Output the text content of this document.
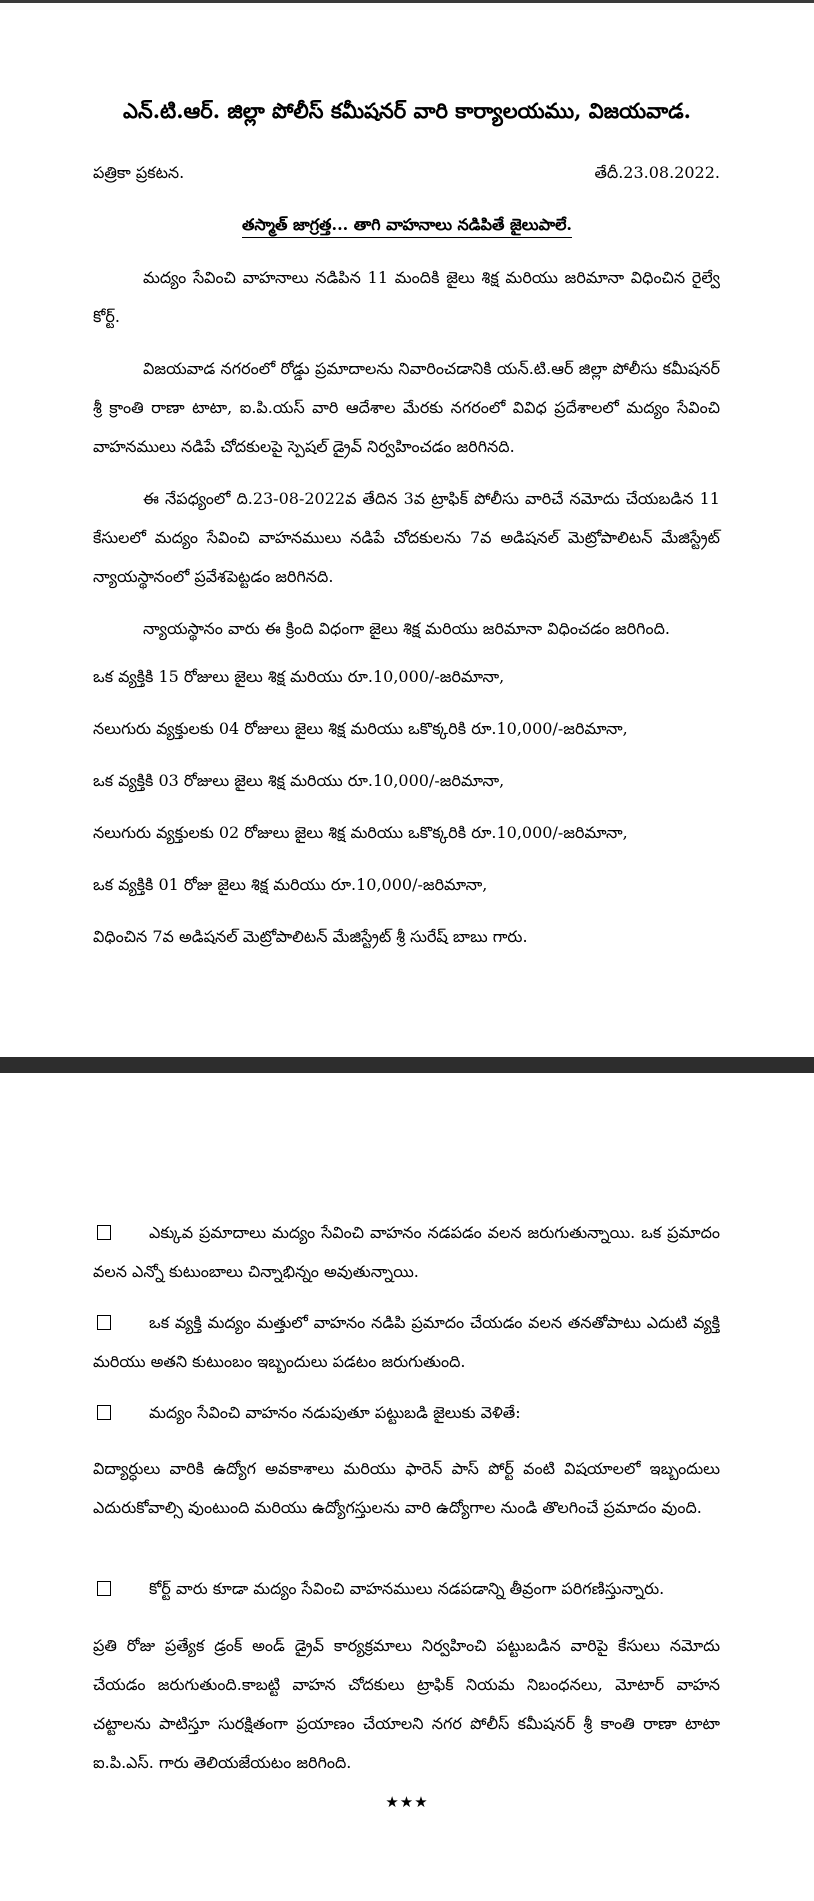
ఎన్.టి.ఆర్. జిల్లా పోలీస్ కమీషనర్ వారి కార్యాలయము, విజయవాడ.
పత్రికా ప్రకటన.	తేదీ.23.08.2022.
తస్మాత్ జాగ్రత్త... తాగి వాహనాలు నడిపితే జైలుపాలే.

మద్యం సేవించి వాహనాలు నడిపిన 11 మందికి జైలు శిక్ష మరియు జరిమానా విధించిన రైల్వే కోర్ట్.

విజయవాడ నగరంలో రోడ్డు ప్రమాదాలను నివారించడానికి యన్.టి.ఆర్ జిల్లా పోలీసు కమీషనర్ శ్రీ క్రాంతి రాణా టాటా, ఐ.పి.యస్ వారి ఆదేశాల మేరకు నగరంలో వివిధ ప్రదేశాలలో మద్యం సేవించి వాహనములు నడిపే చోదకులపై స్పెషల్ డ్రైవ్ నిర్వహించడం జరిగినది.

ఈ నేపధ్యంలో ది.23-08-2022వ తేదిన 3వ ట్రాఫిక్ పోలీసు వారిచే నమోదు చేయబడిన 11 కేసులలో మద్యం సేవించి వాహనములు నడిపే చోదకులను 7వ అడిషనల్ మెట్రోపాలిటన్ మేజిస్ట్రేట్ న్యాయస్థానంలో ప్రవేశపెట్టడం జరిగినది.

న్యాయస్థానం వారు ఈ క్రింది విధంగా జైలు శిక్ష మరియు జరిమానా విధించడం జరిగింది.

ఒక వ్యక్తికి 15 రోజులు జైలు శిక్ష మరియు రూ.10,000/-జరిమానా,
నలుగురు వ్యక్తులకు 04 రోజులు జైలు శిక్ష మరియు ఒకొక్కరికి రూ.10,000/-జరిమానా,
ఒక వ్యక్తికి 03 రోజులు జైలు శిక్ష మరియు రూ.10,000/-జరిమానా,
నలుగురు వ్యక్తులకు 02 రోజులు జైలు శిక్ష మరియు ఒకొక్కరికి రూ.10,000/-జరిమానా,
ఒక వ్యక్తికి 01 రోజు జైలు శిక్ష మరియు రూ.10,000/-జరిమానా,
విధించిన 7వ అడిషనల్ మెట్రోపాలిటన్ మేజిస్ట్రేట్ శ్రీ సురేష్ బాబు గారు.

ఎక్కువ ప్రమాదాలు మద్యం సేవించి వాహనం నడపడం వలన జరుగుతున్నాయి. ఒక ప్రమాదం వలన ఎన్నో కుటుంబాలు చిన్నాభిన్నం అవుతున్నాయి.

ఒక వ్యక్తి మద్యం మత్తులో వాహనం నడిపి ప్రమాదం చేయడం వలన తనతోపాటు ఎదుటి వ్యక్తి మరియు అతని కుటుంబం ఇబ్బందులు పడటం జరుగుతుంది.

మద్యం సేవించి వాహనం నడుపుతూ పట్టుబడి జైలుకు వెళితే:

విద్యార్ధులు వారికి ఉద్యోగ అవకాశాలు మరియు ఫారెన్ పాస్ పోర్ట్ వంటి విషయాలలో ఇబ్బందులు ఎదురుకోవాల్సి వుంటుంది మరియు ఉద్యోగస్తులను వారి ఉద్యోగాల నుండి తొలగించే ప్రమాదం వుంది.

కోర్ట్ వారు కూడా మద్యం సేవించి వాహనములు నడపడాన్ని తీవ్రంగా పరిగణిస్తున్నారు.

ప్రతి రోజు ప్రత్యేక డ్రంక్ అండ్ డ్రైవ్ కార్యక్రమాలు నిర్వహించి పట్టుబడిన వారిపై కేసులు నమోదు చేయడం జరుగుతుంది.కాబట్టి వాహన చోదకులు ట్రాఫిక్ నియమ నిబంధనలు, మోటార్ వాహన చట్టాలను పాటిస్తూ సురక్షితంగా ప్రయాణం చేయాలని నగర పోలీస్ కమీషనర్ శ్రీ కాంతి రాణా టాటా ఐ.పి.ఎస్. గారు తెలియజేయటం జరిగింది.

★★★
